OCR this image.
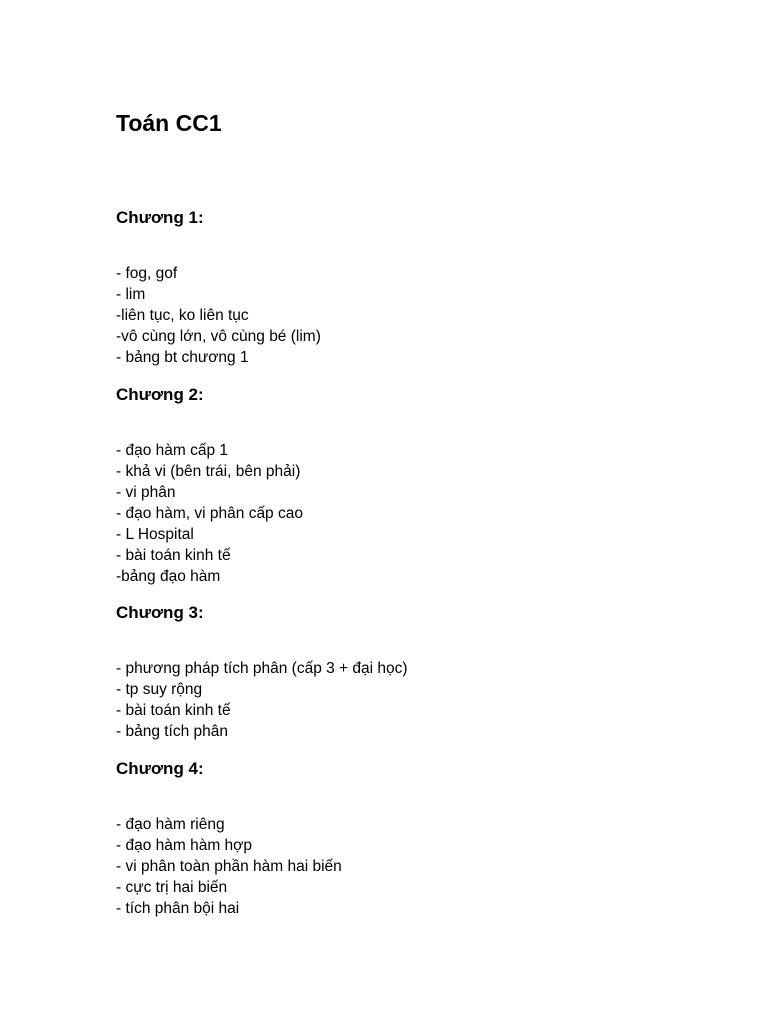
Toán CC1
Chương 1:
- fog, gof
- lim
-liên tục, ko liên tục
-vô cùng lớn, vô cùng bé (lim)
- bảng bt chương 1
Chương 2:
- đạo hàm cấp 1
- khả vi (bên trái, bên phải)
- vi phân
- đạo hàm, vi phân cấp cao
- L Hospital
- bài toán kinh tế
-bảng đạo hàm
Chương 3:
- phương pháp tích phân (cấp 3 + đại học)
- tp suy rộng
- bài toán kinh tế
- bảng tích phân
Chương 4:
- đạo hàm riêng
- đạo hàm hàm hợp
- vi phân toàn phần hàm hai biến
- cực trị hai biến
- tích phân bội hai
